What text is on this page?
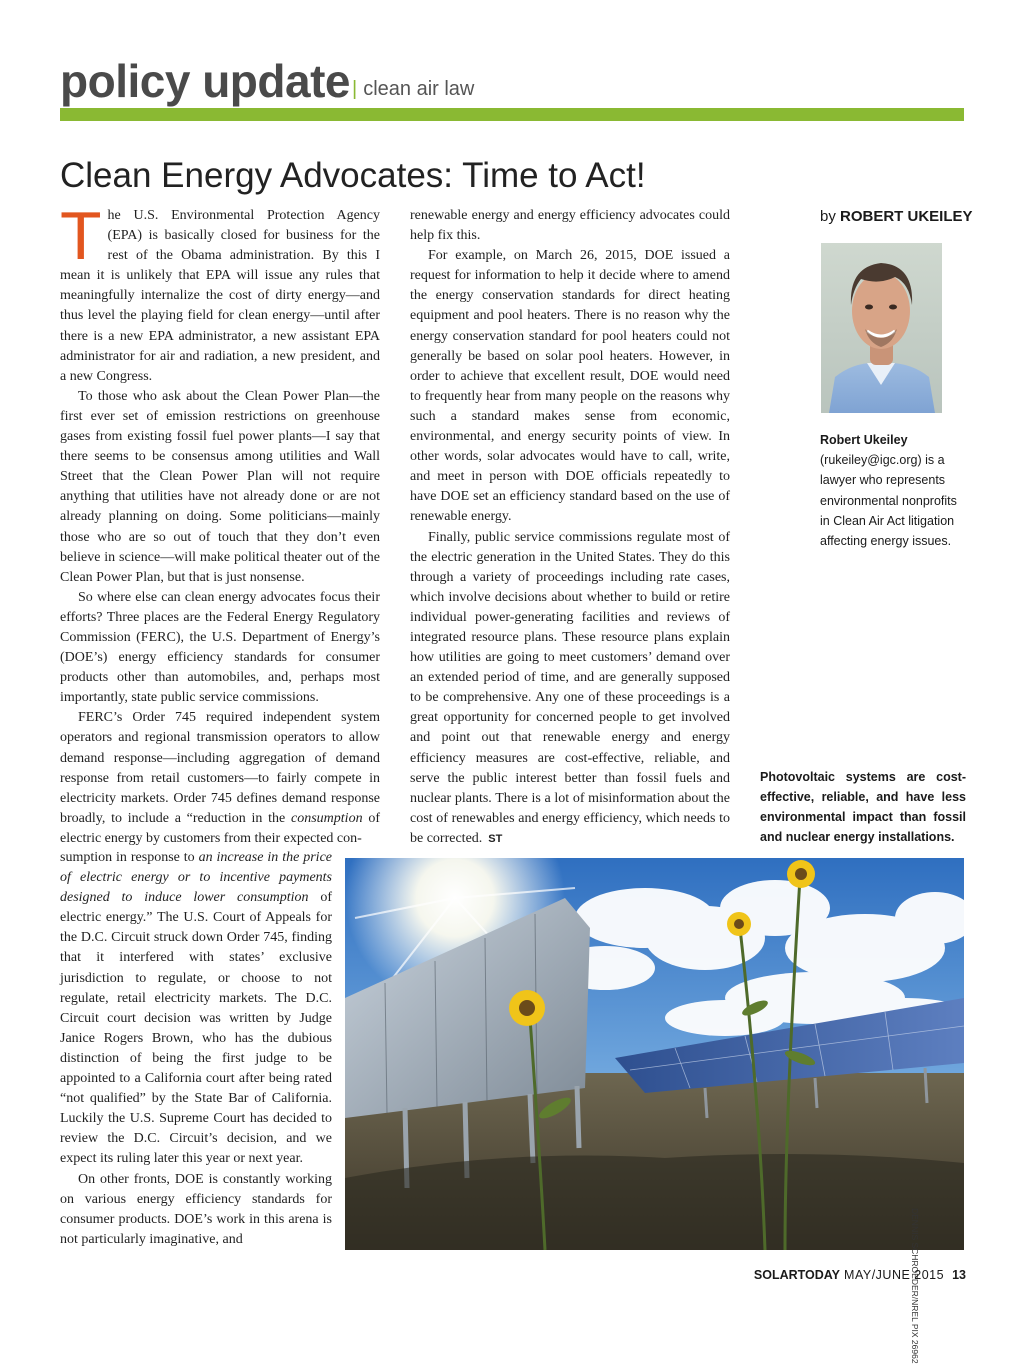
policy update | clean air law
Clean Energy Advocates: Time to Act!

The U.S. Environmental Protection Agency (EPA) is basically closed for business for the rest of the Obama administration. By this I mean it is unlikely that EPA will issue any rules that meaningfully internalize the cost of dirty energy—and thus level the playing field for clean energy—until after there is a new EPA administrator, a new assistant EPA administrator for air and radiation, a new president, and a new Congress.

To those who ask about the Clean Power Plan—the first ever set of emission restrictions on greenhouse gases from existing fossil fuel power plants—I say that there seems to be consensus among utilities and Wall Street that the Clean Power Plan will not require anything that utilities have not already done or are not already planning on doing. Some politicians—mainly those who are so out of touch that they don’t even believe in science—will make political theater out of the Clean Power Plan, but that is just nonsense.

So where else can clean energy advocates focus their efforts? Three places are the Federal Energy Regulatory Commission (FERC), the U.S. Department of Energy’s (DOE’s) energy efficiency standards for consumer products other than automobiles, and, perhaps most importantly, state public service commissions.

FERC’s Order 745 required independent system operators and regional transmission operators to allow demand response—including aggregation of demand response from retail customers—to fairly compete in electricity markets. Order 745 defines demand response broadly, to include a “reduction in the consumption of electric energy by customers from their expected con-

sumption in response to an increase in the price of electric energy or to incentive payments designed to induce lower consumption of electric energy.” The U.S. Court of Appeals for the D.C. Circuit struck down Order 745, finding that it interfered with states’ exclusive jurisdiction to regulate, or choose to not regulate, retail electricity markets. The D.C. Circuit court decision was written by Judge Janice Rogers Brown, who has the dubious distinction of being the first judge to be appointed to a California court after being rated “not qualified” by the State Bar of California. Luckily the U.S. Supreme Court has decided to review the D.C. Circuit’s decision, and we expect its ruling later this year or next year.

On other fronts, DOE is constantly working on various energy efficiency standards for consumer products. DOE’s work in this arena is not particularly imaginative, and

renewable energy and energy efficiency advocates could help fix this.

For example, on March 26, 2015, DOE issued a request for information to help it decide where to amend the energy conservation standards for direct heating equipment and pool heaters. There is no reason why the energy conservation standard for pool heaters could not generally be based on solar pool heaters. However, in order to achieve that excellent result, DOE would need to frequently hear from many people on the reasons why such a standard makes sense from economic, environmental, and energy security points of view. In other words, solar advocates would have to call, write, and meet in person with DOE officials repeatedly to have DOE set an efficiency standard based on the use of renewable energy.

Finally, public service commissions regulate most of the electric generation in the United States. They do this through a variety of proceedings including rate cases, which involve decisions about whether to build or retire individual power-generating facilities and reviews of integrated resource plans. These resource plans explain how utilities are going to meet customers’ demand over an extended period of time, and are generally supposed to be comprehensive. Any one of these proceedings is a great opportunity for concerned people to get involved and point out that renewable energy and energy efficiency measures are cost-effective, reliable, and serve the public interest better than fossil fuels and nuclear plants. There is a lot of misinformation about the cost of renewables and energy efficiency, which needs to be corrected. ST

by ROBERT UKEILEY
Robert Ukeiley
(rukeiley@igc.org) is a lawyer who represents environmental nonprofits in Clean Air Act litigation affecting energy issues.
Photovoltaic systems are cost-effective, reliable, and have less environmental impact than fossil and nuclear energy installations.
DENNIS SCHROEDER/NREL PIX 26962
SOLARTODAY MAY/JUNE 2015 13
